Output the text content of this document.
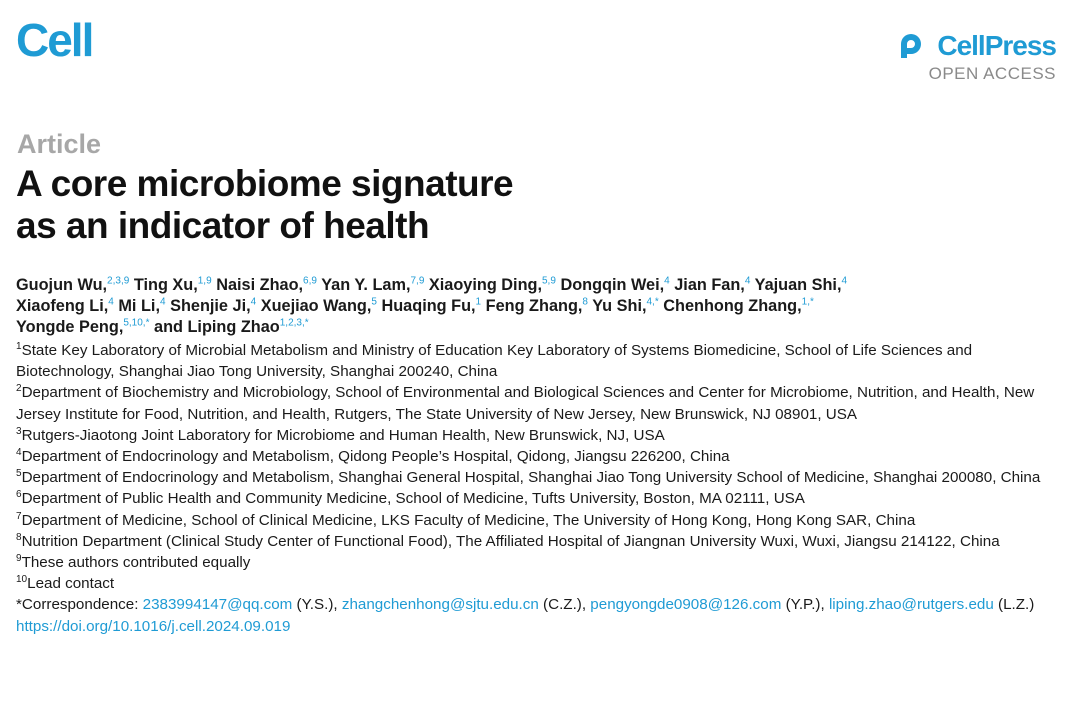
Cell	CellPress
OPEN ACCESS
Article
A core microbiome signature
as an indicator of health
Guojun Wu,$^{2,3,9}$ Ting Xu,$^{1,9}$ Naisi Zhao,$^{6,9}$ Yan Y. Lam,$^{7,9}$ Xiaoying Ding,$^{5,9}$ Dongqin Wei,$^4$ Jian Fan,$^4$ Yajuan Shi,$^4$
Xiaofeng Li,$^4$ Mi Li,$^4$ Shenjie Ji,$^4$ Xuejiao Wang,$^5$ Huaqing Fu,$^1$ Feng Zhang,$^8$ Yu Shi,$^{4,*}$ Chenhong Zhang,$^{1,*}$
Yongde Peng,$^{5,10,*}$ and Liping Zhao$^{1,2,3,*}$

$^1$State Key Laboratory of Microbial Metabolism and Ministry of Education Key Laboratory of Systems Biomedicine, School of Life Sciences and Biotechnology, Shanghai Jiao Tong University, Shanghai 200240, China

$^2$Department of Biochemistry and Microbiology, School of Environmental and Biological Sciences and Center for Microbiome, Nutrition, and Health, New Jersey Institute for Food, Nutrition, and Health, Rutgers, The State University of New Jersey, New Brunswick, NJ 08901, USA

$^3$Rutgers-Jiaotong Joint Laboratory for Microbiome and Human Health, New Brunswick, NJ, USA

$^4$Department of Endocrinology and Metabolism, Qidong People’s Hospital, Qidong, Jiangsu 226200, China

$^5$Department of Endocrinology and Metabolism, Shanghai General Hospital, Shanghai Jiao Tong University School of Medicine, Shanghai 200080, China

$^6$Department of Public Health and Community Medicine, School of Medicine, Tufts University, Boston, MA 02111, USA

$^7$Department of Medicine, School of Clinical Medicine, LKS Faculty of Medicine, The University of Hong Kong, Hong Kong SAR, China

$^8$Nutrition Department (Clinical Study Center of Functional Food), The Affiliated Hospital of Jiangnan University Wuxi, Wuxi, Jiangsu 214122, China

$^9$These authors contributed equally

$^{10}$Lead contact

*Correspondence: 2383994147@qq.com (Y.S.), zhangchenhong@sjtu.edu.cn (C.Z.), pengyongde0908@126.com (Y.P.), liping.zhao@rutgers.edu (L.Z.)

https://doi.org/10.1016/j.cell.2024.09.019
